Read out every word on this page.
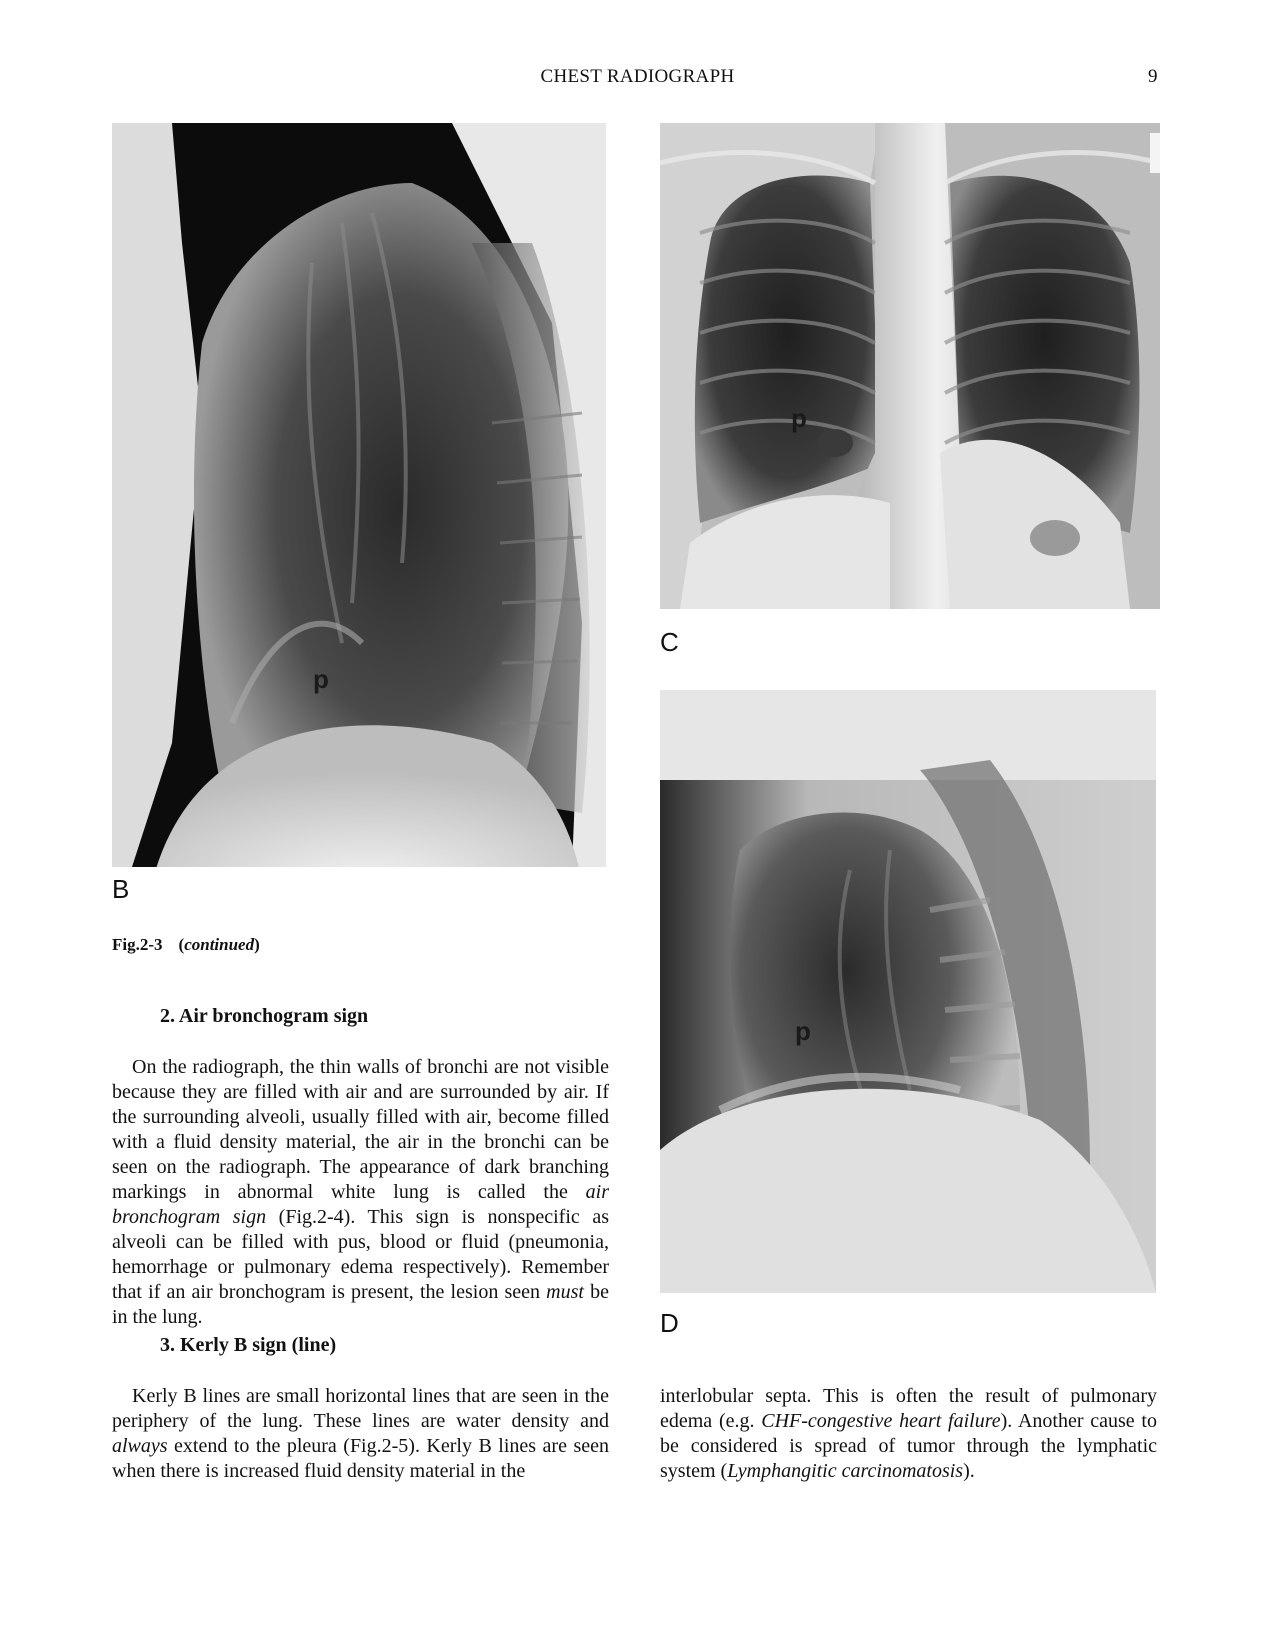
CHEST RADIOGRAPH	9
p
B
p
C
p
D
Fig.2-3 (continued)
2. Air bronchogram sign

On the radiograph, the thin walls of bronchi are not visible because they are filled with air and are surrounded by air. If the surrounding alveoli, usually filled with air, become filled with a fluid density material, the air in the bronchi can be seen on the radiograph. The appearance of dark branching markings in abnormal white lung is called the air bronchogram sign (Fig.2-4). This sign is nonspecific as alveoli can be filled with pus, blood or fluid (pneumonia, hemorrhage or pulmonary edema respectively). Remember that if an air bronchogram is present, the lesion seen must be in the lung.

3. Kerly B sign (line)

Kerly B lines are small horizontal lines that are seen in the periphery of the lung. These lines are water density and always extend to the pleura (Fig.2-5). Kerly B lines are seen when there is increased fluid density material in the

interlobular septa. This is often the result of pulmonary edema (e.g. CHF-congestive heart failure). Another cause to be considered is spread of tumor through the lymphatic system (Lymphangitic carcinomatosis).
